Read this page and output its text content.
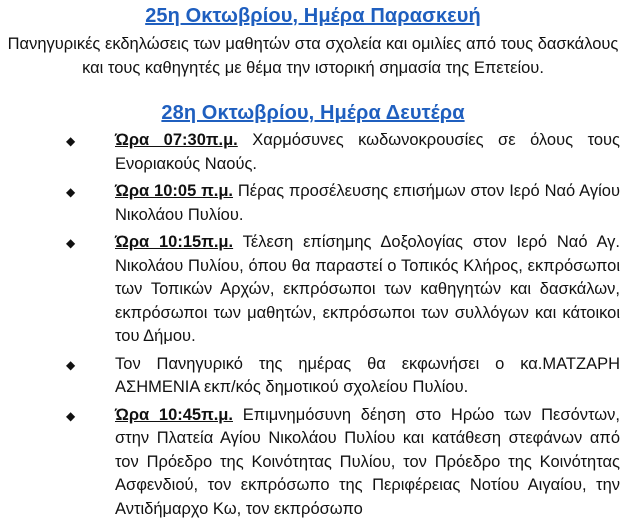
25η Οκτωβρίου, Ημέρα Παρασκευή
Πανηγυρικές εκδηλώσεις των μαθητών στα σχολεία και ομιλίες από τους δασκάλους και τους καθηγητές με θέμα την ιστορική σημασία της Επετείου.
28η Οκτωβρίου, Ημέρα Δευτέρα
◆ Ώρα 07:30π.μ. Χαρμόσυνες κωδωνοκρουσίες σε όλους τους Ενοριακούς Ναούς.
◆ Ώρα 10:05 π.μ. Πέρας προσέλευσης επισήμων στον Ιερό Ναό Αγίου Νικολάου Πυλίου.
◆ Ώρα 10:15π.μ. Τέλεση επίσημης Δοξολογίας στον Ιερό Ναό Αγ. Νικολάου Πυλίου, όπου θα παραστεί ο Τοπικός Κλήρος, εκπρόσωποι των Τοπικών Αρχών, εκπρόσωποι των καθηγητών και δασκάλων, εκπρόσωποι των μαθητών, εκπρόσωποι των συλλόγων και κάτοικοι του Δήμου.
◆ Τον Πανηγυρικό της ημέρας θα εκφωνήσει ο κα.ΜΑΤΖΑΡΗ ΑΣΗΜΕΝΙΑ εκπ/κός δημοτικού σχολείου Πυλίου.
◆ Ώρα 10:45π.μ. Επιμνημόσυνη δέηση στο Ηρώο των Πεσόντων, στην Πλατεία Αγίου Νικολάου Πυλίου και κατάθεση στεφάνων από τον Πρόεδρο της Κοινότητας Πυλίου, τον Πρόεδρο της Κοινότητας Ασφενδιού, τον εκπρόσωπο της Περιφέρειας Νοτίου Αιγαίου, την Αντιδήμαρχο Κω, τον εκπρόσωπο
